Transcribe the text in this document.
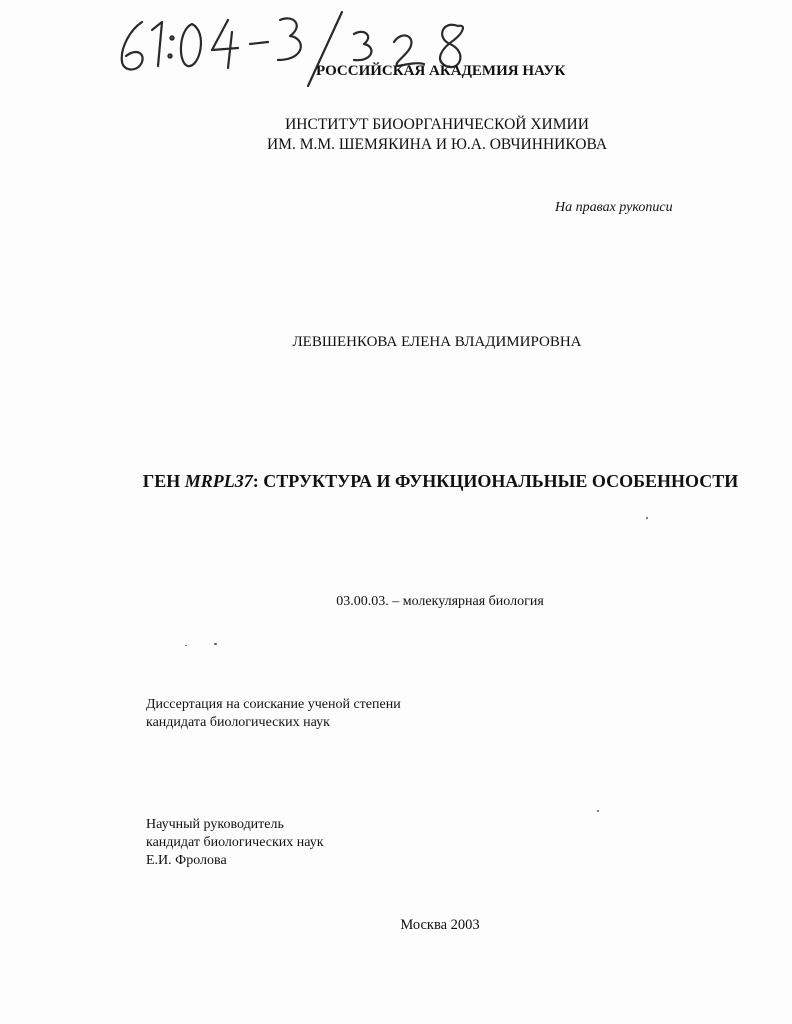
РОССИЙСКАЯ АКАДЕМИЯ НАУК
ИНСТИТУТ БИООРГАНИЧЕСКОЙ ХИМИИ
ИМ. М.М. ШЕМЯКИНА И Ю.А. ОВЧИННИКОВА
На правах рукописи
ЛЕВШЕНКОВА ЕЛЕНА ВЛАДИМИРОВНА
ГЕН MRPL37: СТРУКТУРА И ФУНКЦИОНАЛЬНЫЕ ОСОБЕННОСТИ
03.00.03. – молекулярная биология
Диссертация на соискание ученой степени
кандидата биологических наук
Научный руководитель
кандидат биологических наук
Е.И. Фролова
Москва 2003
